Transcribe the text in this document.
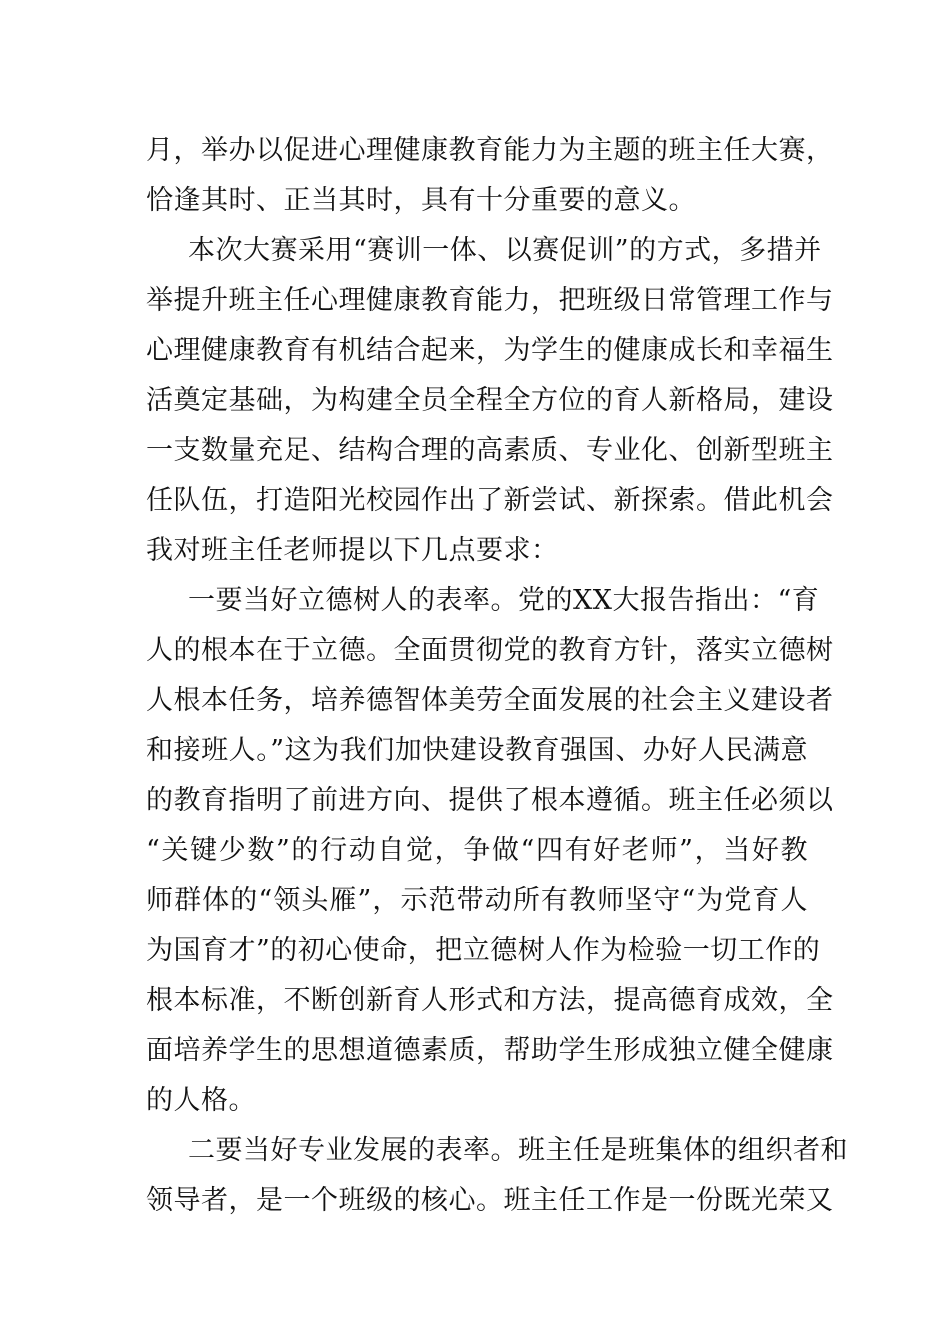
月，举办以促进心理健康教育能力为主题的班主任大赛，
恰逢其时、正当其时，具有十分重要的意义。
本次大赛采用“赛训一体、以赛促训”的方式，多措并
举提升班主任心理健康教育能力，把班级日常管理工作与
心理健康教育有机结合起来，为学生的健康成长和幸福生
活奠定基础，为构建全员全程全方位的育人新格局，建设
一支数量充足、结构合理的高素质、专业化、创新型班主
任队伍，打造阳光校园作出了新尝试、新探索。借此机会
我对班主任老师提以下几点要求：
一要当好立德树人的表率。党的XX大报告指出：“育
人的根本在于立德。全面贯彻党的教育方针，落实立德树
人根本任务，培养德智体美劳全面发展的社会主义建设者
和接班人。”这为我们加快建设教育强国、办好人民满意
的教育指明了前进方向、提供了根本遵循。班主任必须以
“关键少数”的行动自觉，争做“四有好老师”，当好教
师群体的“领头雁”，示范带动所有教师坚守“为党育人
为国育才”的初心使命，把立德树人作为检验一切工作的
根本标准，不断创新育人形式和方法，提高德育成效，全
面培养学生的思想道德素质，帮助学生形成独立健全健康
的人格。
二要当好专业发展的表率。班主任是班集体的组织者和
领导者，是一个班级的核心。班主任工作是一份既光荣又
